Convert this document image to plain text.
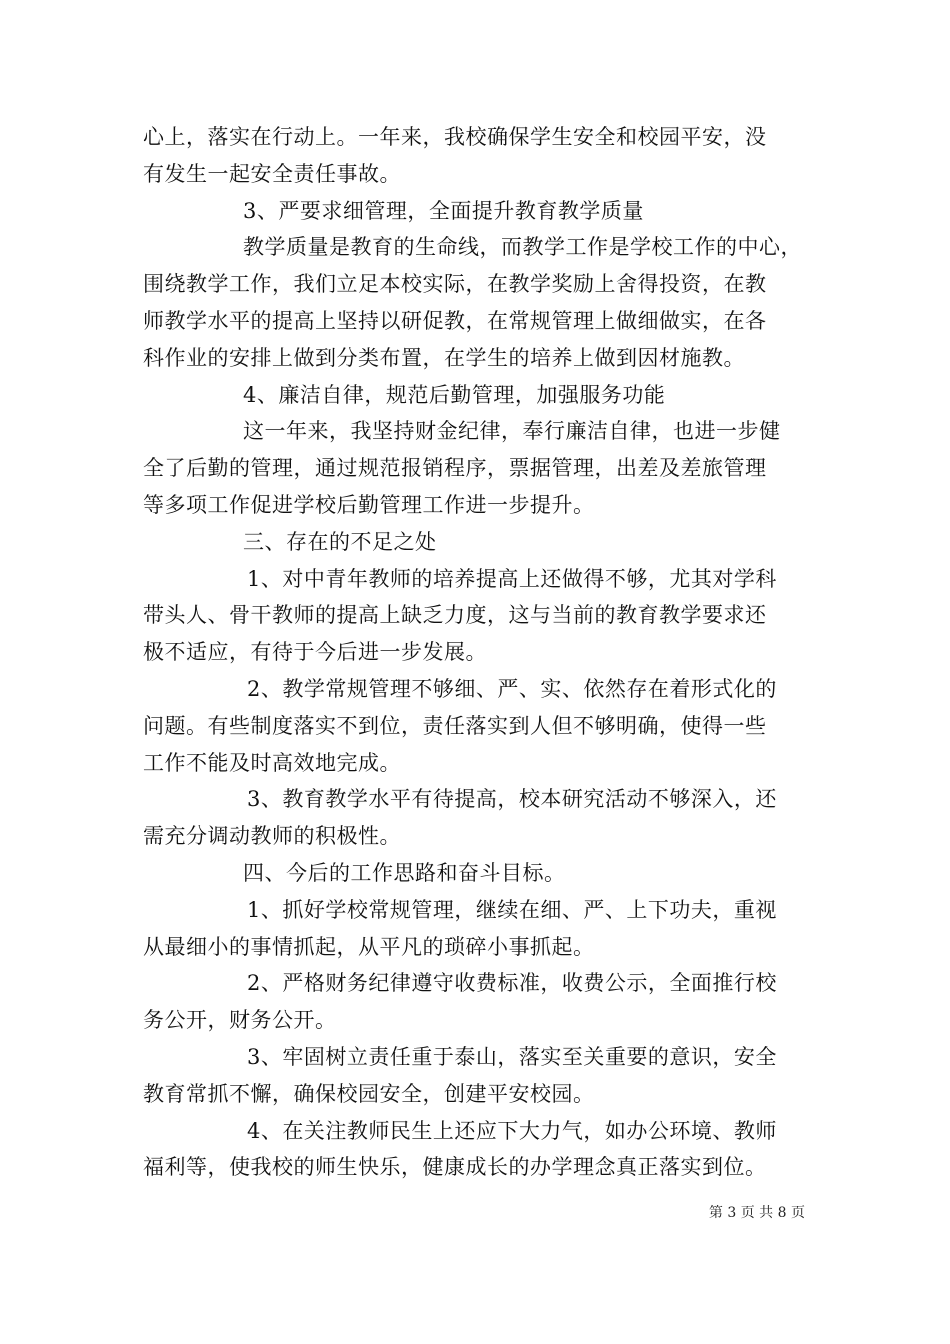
心上，落实在行动上。一年来，我校确保学生安全和校园平安，没

有发生一起安全责任事故。

3、严要求细管理，全面提升教育教学质量

教学质量是教育的生命线，而教学工作是学校工作的中心，

围绕教学工作，我们立足本校实际，在教学奖励上舍得投资，在教

师教学水平的提高上坚持以研促教，在常规管理上做细做实，在各

科作业的安排上做到分类布置，在学生的培养上做到因材施教。

4、廉洁自律，规范后勤管理，加强服务功能

这一年来，我坚持财金纪律，奉行廉洁自律，也进一步健

全了后勤的管理，通过规范报销程序，票据管理，出差及差旅管理

等多项工作促进学校后勤管理工作进一步提升。

三、存在的不足之处

1、对中青年教师的培养提高上还做得不够，尤其对学科

带头人、骨干教师的提高上缺乏力度，这与当前的教育教学要求还

极不适应，有待于今后进一步发展。

2、教学常规管理不够细、严、实、依然存在着形式化的

问题。有些制度落实不到位，责任落实到人但不够明确，使得一些

工作不能及时高效地完成。

3、教育教学水平有待提高，校本研究活动不够深入，还

需充分调动教师的积极性。

四、今后的工作思路和奋斗目标。

1、抓好学校常规管理，继续在细、严、上下功夫，重视

从最细小的事情抓起，从平凡的琐碎小事抓起。

2、严格财务纪律遵守收费标准，收费公示，全面推行校

务公开，财务公开。

3、牢固树立责任重于泰山，落实至关重要的意识，安全

教育常抓不懈，确保校园安全，创建平安校园。

4、在关注教师民生上还应下大力气，如办公环境、教师

福利等，使我校的师生快乐，健康成长的办学理念真正落实到位。

第 3 页 共 8 页
